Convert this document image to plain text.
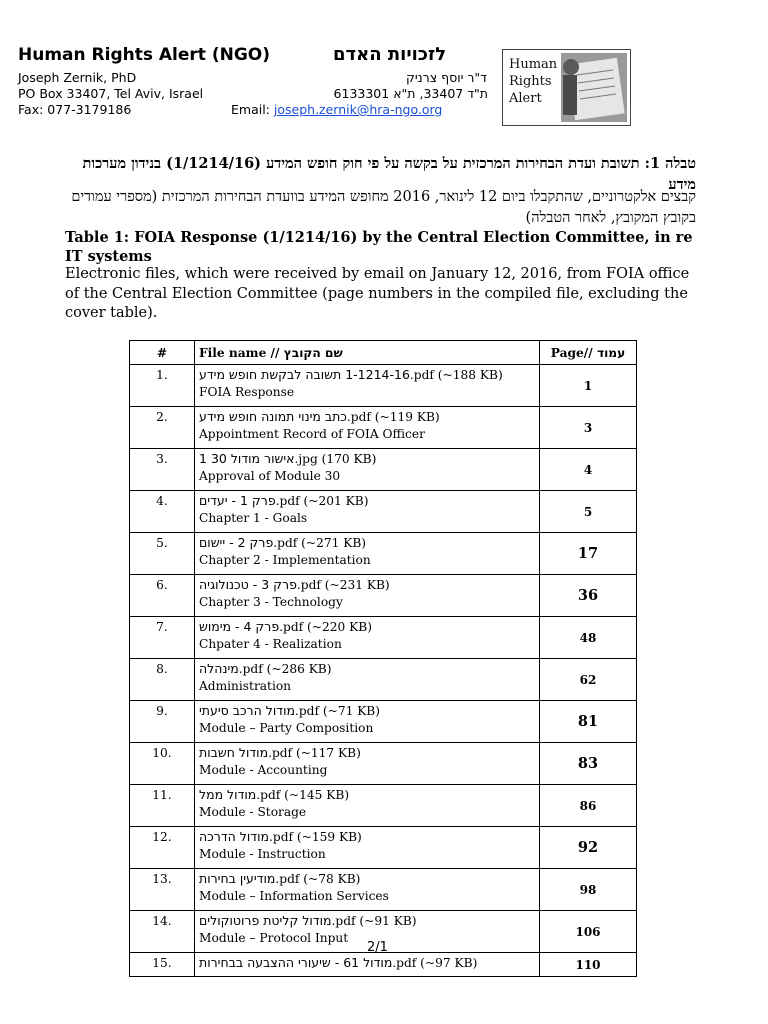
Human Rights Alert (NGO)	לזכויות האדם
Joseph Zernik, PhD
PO Box 33407, Tel Aviv, Israel
Fax: 077-3179186
ד"ר יוסף צרניק
ת"ד 33407, ת"א 6133301
Email: joseph.zernik@hra-ngo.org
Human
Rights
Alert
טבלה 1: תשובת ועדת הבחירות המרכזית על בקשה על פי חוק חופש המידע (1/1214/16) בנידון מערכות מידע
קבצים אלקטרוניים, שהתקבלו ביום 12 לינואר, 2016 מחופש המידע בוועדת הבחירות המרכזית (מספרי עמודים בקובץ המקובץ, לאחר הטבלה)
Table 1: FOIA Response (1/1214/16) by the Central Election Committee, in re IT systems
Electronic files, which were received by email on January 12, 2016, from FOIA office of the Central Election Committee (page numbers in the compiled file, excluding the cover table).
#	File name // שם הקובץ	Page// עמוד
1.	1-1214-16 תשובה לבקשת חופש מידע.pdf (~188 KB)
FOIA Response	1
2.	כתב מינוי תמונה חופש מידע.pdf (~119 KB)
Appointment Record of FOIA Officer	3
3.	אישור מודול 30 1.jpg (170 KB)
Approval of Module 30	4
4.	פרק 1 - יעדים.pdf (~201 KB)
Chapter 1 - Goals	5
5.	פרק 2 - יישום.pdf (~271 KB)
Chapter 2 - Implementation	17
6.	פרק 3 - טכנולוגיה.pdf (~231 KB)
Chapter 3 - Technology	36
7.	פרק 4 - מימוש.pdf (~220 KB)
Chpater 4 - Realization	48
8.	מינהלה.pdf (~286 KB)
Administration	62
9.	מודול הרכב סיעתי.pdf (~71 KB)
Module – Party Composition	81
10.	מודול חשבות.pdf (~117 KB)
Module - Accounting	83
11.	מודול ממל.pdf (~145 KB)
Module - Storage	86
12.	מודול הדרכה.pdf (~159 KB)
Module - Instruction	92
13.	מודיעין בחירות.pdf (~78 KB)
Module – Information Services	98
14.	מודול קליטת פרוטוקולים.pdf (~91 KB)
Module – Protocol Input	106
15.	מודול 61 - שיעורי ההצבעה בבחירות.pdf (~97 KB)	110
2/1
